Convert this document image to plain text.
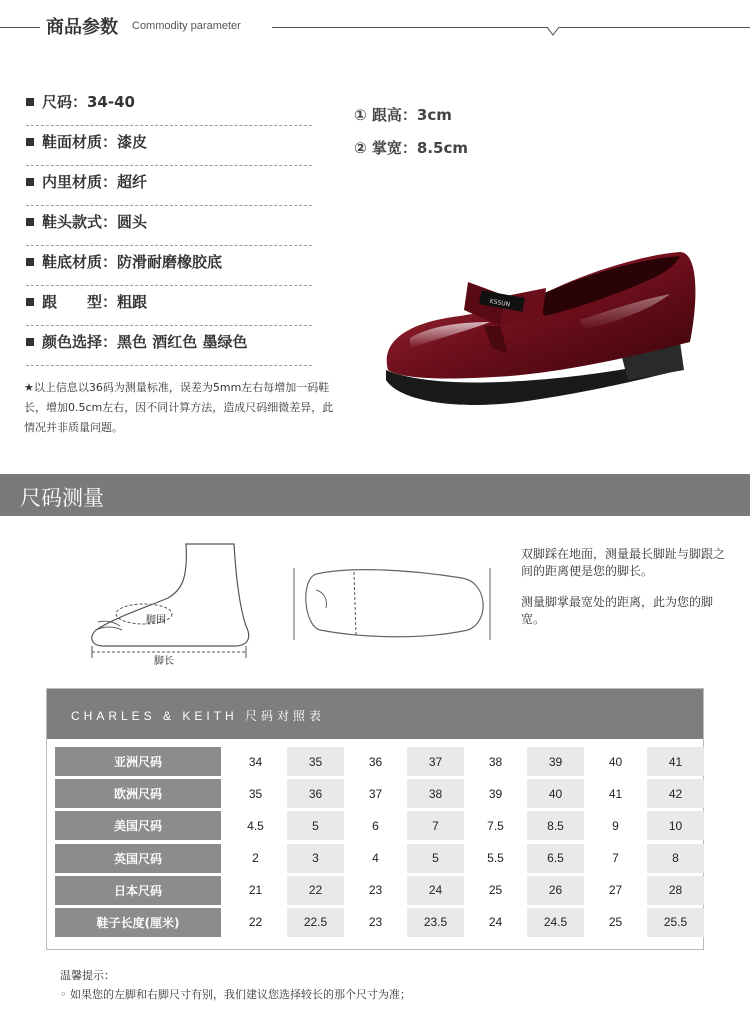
商品参数 Commodity parameter
尺码：34-40
鞋面材质：漆皮
内里材质：超纤
鞋头款式：圆头
鞋底材质：防滑耐磨橡胶底
跟　　型：粗跟
颜色选择：黑色 酒红色 墨绿色
① 跟高：3cm
② 掌宽：8.5cm
★以上信息以36码为测量标准，误差为5mm左右每增加一码鞋长，增加0.5cm左右，因不同计算方法，造成尺码细微差异，此情况并非质量问题。
KSSUN
尺码测量
脚围
脚长

双脚踩在地面，测量最长脚趾与脚跟之间的距离便是您的脚长。

测量脚掌最宽处的距离，此为您的脚宽。

CHARLES & KEITH 尺码对照表
亚洲尺码	34	35	36	37	38	39	40	41
欧洲尺码	35	36	37	38	39	40	41	42
美国尺码	4.5	5	6	7	7.5	8.5	9	10
英国尺码	2	3	4	5	5.5	6.5	7	8
日本尺码	21	22	23	24	25	26	27	28
鞋子长度(厘米)	22	22.5	23	23.5	24	24.5	25	25.5
温馨提示：
◦ 如果您的左脚和右脚尺寸有别，我们建议您选择较长的那个尺寸为准；
